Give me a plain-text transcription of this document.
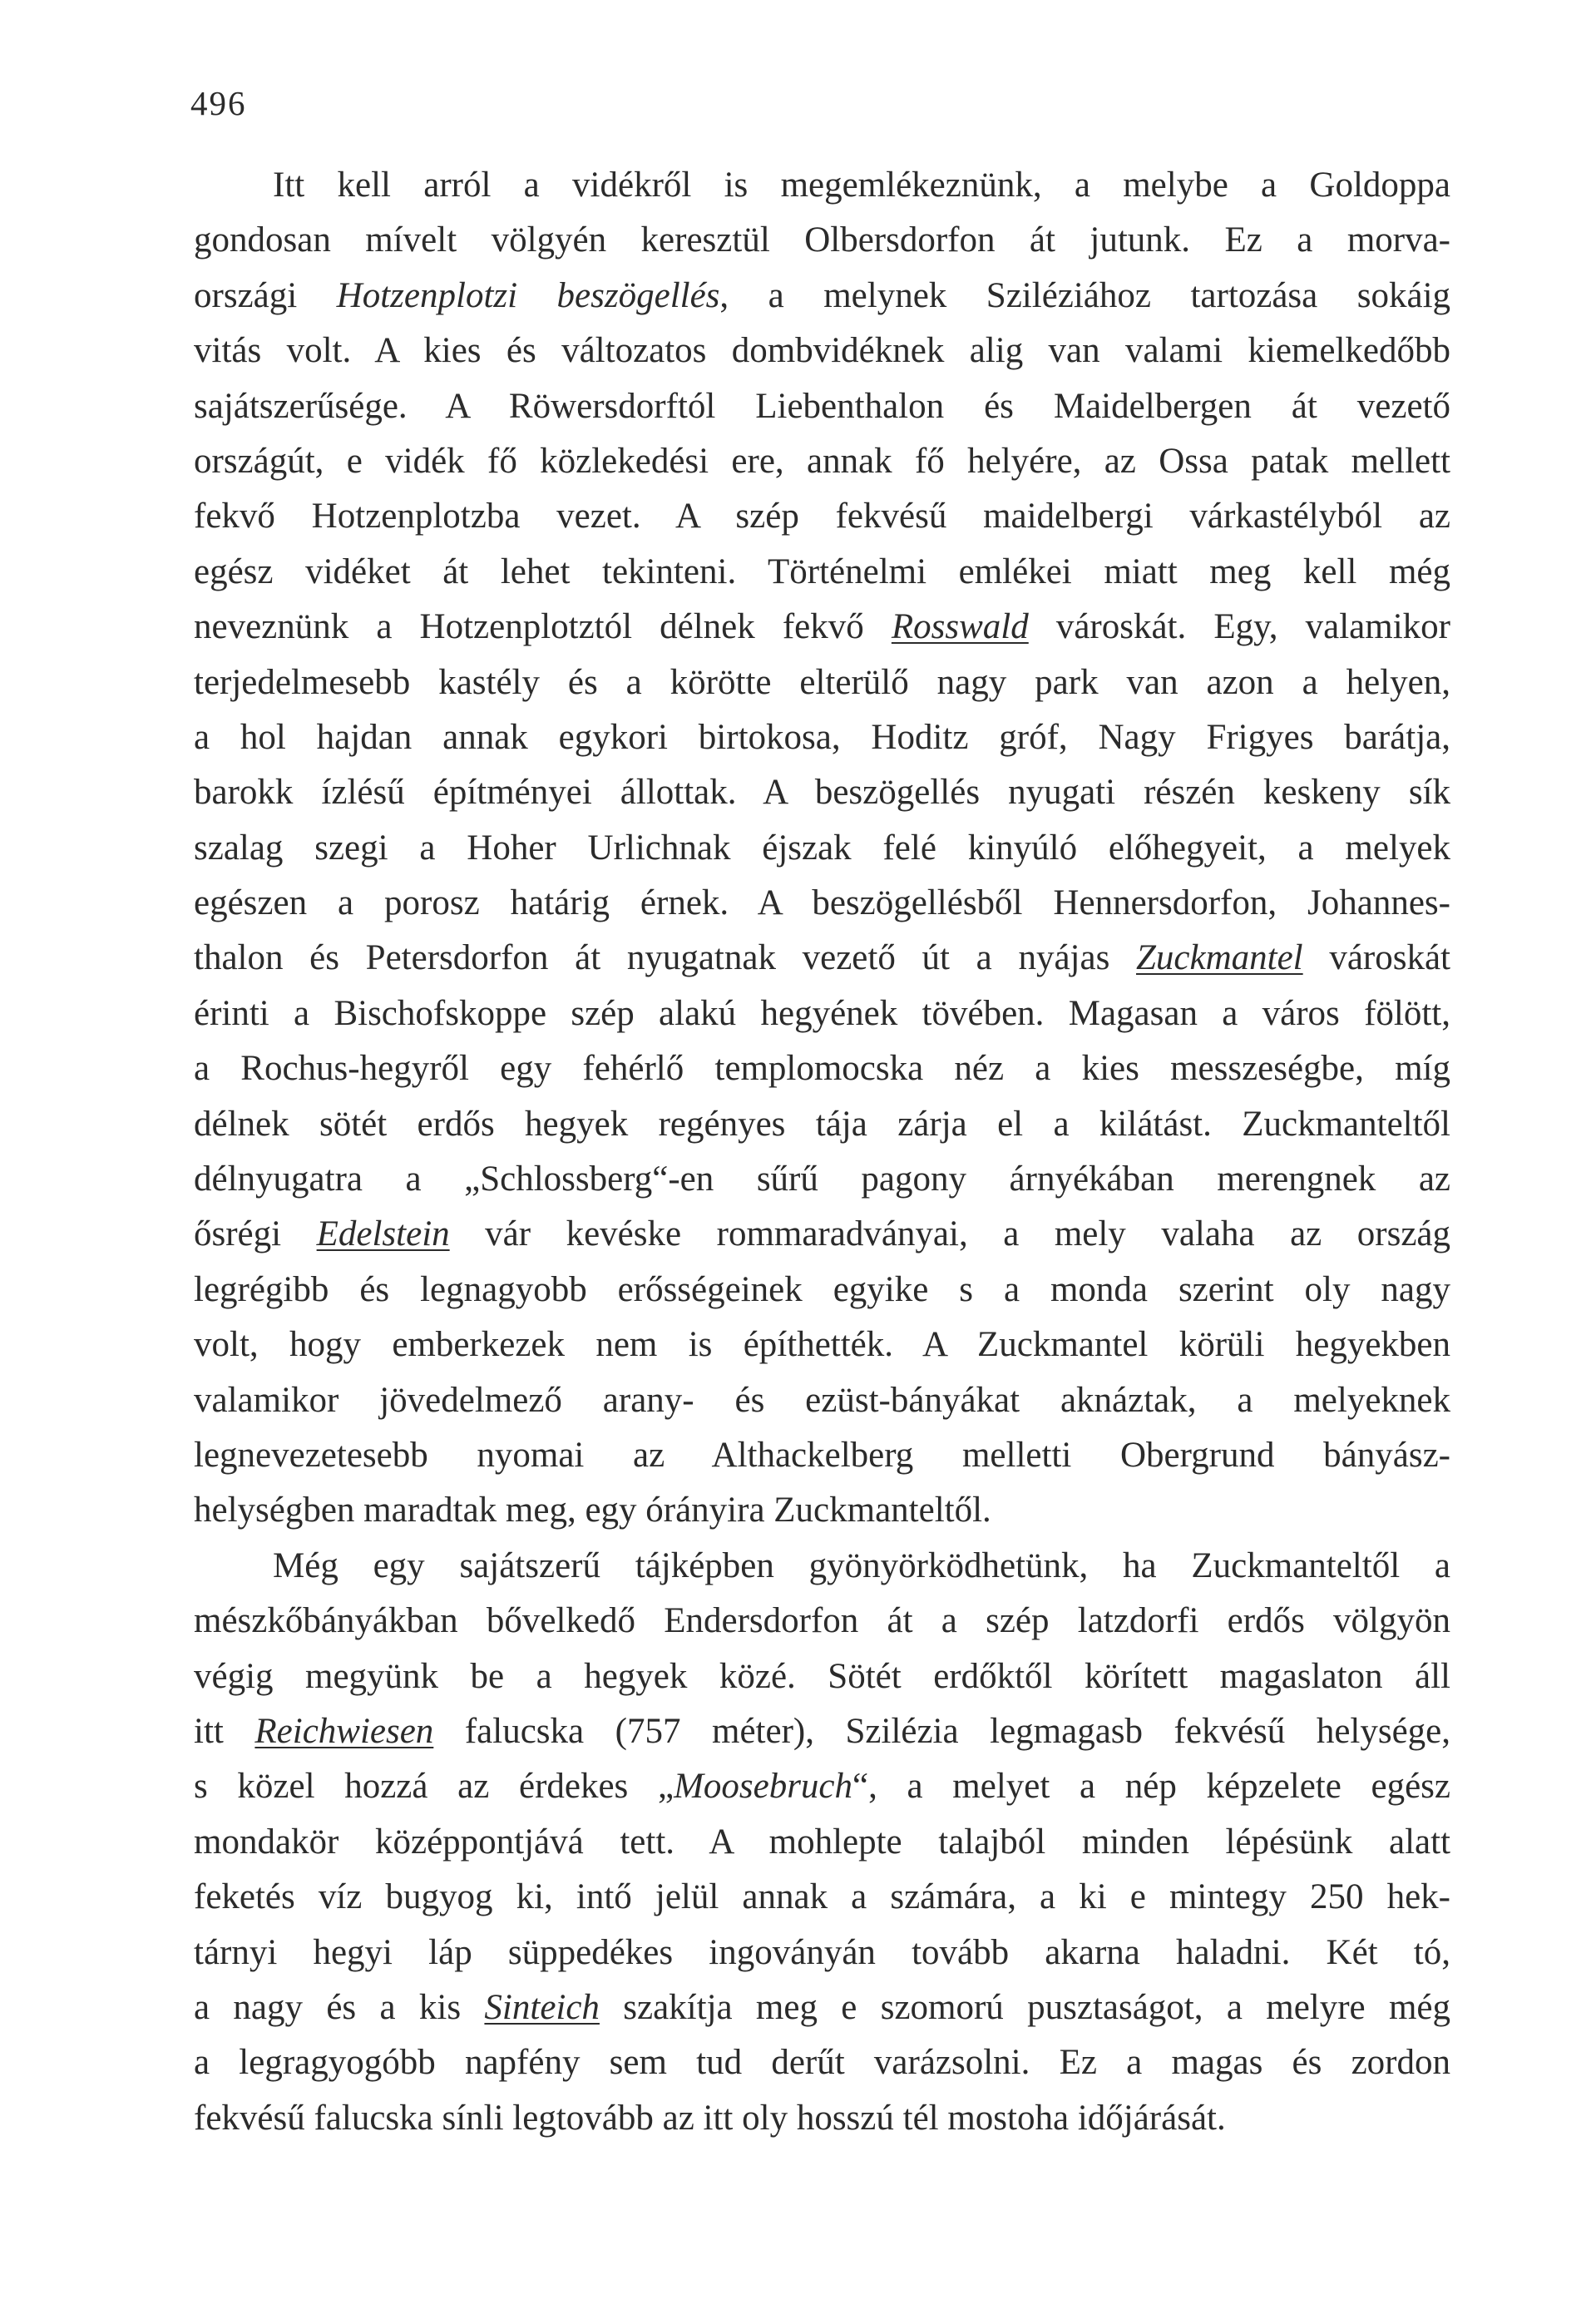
496
Itt kell arról a vidékről is megemlékeznünk, a melybe a Goldoppa
gondosan mívelt völgyén keresztül Olbersdorfon át jutunk. Ez a morva-
országi Hotzenplotzi beszögellés, a melynek Sziléziához tartozása sokáig
vitás volt. A kies és változatos dombvidéknek alig van valami kiemelkedőbb
sajátszerűsége. A Röwersdorftól Liebenthalon és Maidelbergen át vezető
országút, e vidék fő közlekedési ere, annak fő helyére, az Ossa patak mellett
fekvő Hotzenplotzba vezet. A szép fekvésű maidelbergi várkastélyból az
egész vidéket át lehet tekinteni. Történelmi emlékei miatt meg kell még
neveznünk a Hotzenplotztól délnek fekvő Rosswald városkát. Egy, valamikor
terjedelmesebb kastély és a körötte elterülő nagy park van azon a helyen,
a hol hajdan annak egykori birtokosa, Hoditz gróf, Nagy Frigyes barátja,
barokk ízlésű építményei állottak. A beszögellés nyugati részén keskeny sík
szalag szegi a Hoher Urlichnak éjszak felé kinyúló előhegyeit, a melyek
egészen a porosz határig érnek. A beszögellésből Hennersdorfon, Johannes-
thalon és Petersdorfon át nyugatnak vezető út a nyájas Zuckmantel városkát
érinti a Bischofskoppe szép alakú hegyének tövében. Magasan a város fölött,
a Rochus-hegyről egy fehérlő templomocska néz a kies messzeségbe, míg
délnek sötét erdős hegyek regényes tája zárja el a kilátást. Zuckmanteltől
délnyugatra a „Schlossberg“-en sűrű pagony árnyékában merengnek az
ősrégi Edelstein vár kevéske rommaradványai, a mely valaha az ország
legrégibb és legnagyobb erősségeinek egyike s a monda szerint oly nagy
volt, hogy emberkezek nem is építhették. A Zuckmantel körüli hegyekben
valamikor jövedelmező arany- és ezüst-bányákat aknáztak, a melyeknek
legnevezetesebb nyomai az Althackelberg melletti Obergrund bányász-
helységben maradtak meg, egy órányira Zuckmanteltől.
Még egy sajátszerű tájképben gyönyörködhetünk, ha Zuckmanteltől a
mészkőbányákban bővelkedő Endersdorfon át a szép latzdorfi erdős völgyön
végig megyünk be a hegyek közé. Sötét erdőktől körített magaslaton áll
itt Reichwiesen falucska (757 méter), Szilézia legmagasb fekvésű helysége,
s közel hozzá az érdekes „Moosebruch“, a melyet a nép képzelete egész
mondakör középpontjává tett. A mohlepte talajból minden lépésünk alatt
feketés víz bugyog ki, intő jelül annak a számára, a ki e mintegy 250 hek-
tárnyi hegyi láp süppedékes ingoványán tovább akarna haladni. Két tó,
a nagy és a kis Sinteich szakítja meg e szomorú pusztaságot, a melyre még
a legragyogóbb napfény sem tud derűt varázsolni. Ez a magas és zordon
fekvésű falucska sínli legtovább az itt oly hosszú tél mostoha időjárását.
